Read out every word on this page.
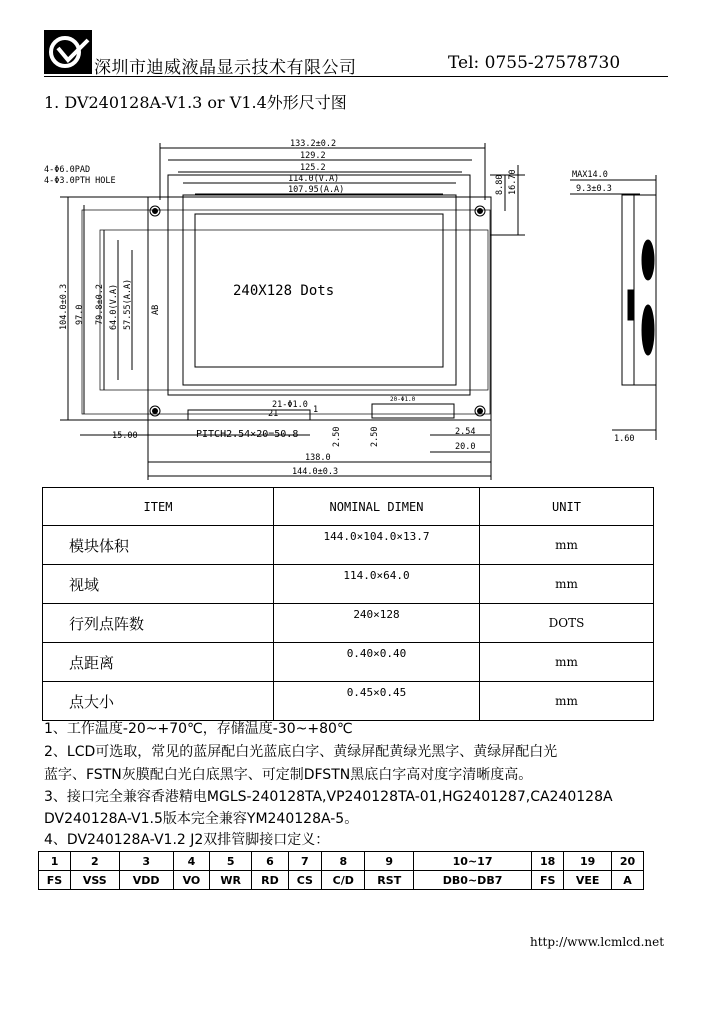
深圳市迪威液晶显示技术有限公司	Tel: 0755-27578730
1. DV240128A-V1.3 or V1.4外形尺寸图
133.2±0.2
129.2
125.2
114.0(V.A)
107.95(A.A)
4-Φ6.0PAD
4-Φ3.0PTH HOLE	8.80 16.70
104.0±0.3 97.0 79.8±0.2 64.0(V.A) 57.55(A.A) AB
21-Φ1.0
21	1
PITCH2.54×20=50.8
20-Φ1.0
15.00	2.50	2.50	2.54
20.0
138.0
144.0±0.3
MAX14.0
9.3±0.3
1.60
240X128 Dots
ITEM	NOMINAL DIMEN	UNIT
模块体积	144.0×104.0×13.7	mm
视域	114.0×64.0	mm
行列点阵数	240×128	DOTS
点距离	0.40×0.40	mm
点大小	0.45×0.45	mm
1、工作温度-20~+70℃，存储温度-30~+80℃
2、LCD可选取，常见的蓝屏配白光蓝底白字、黄绿屏配黄绿光黑字、黄绿屏配白光
蓝字、FSTN灰膜配白光白底黑字、可定制DFSTN黑底白字高对度字清晰度高。
3、接口完全兼容香港精电MGLS-240128TA,VP240128TA-01,HG2401287,CA240128A
DV240128A-V1.5版本完全兼容YM240128A-5。
4、DV240128A-V1.2 J2双排管脚接口定义：
1	2	3	4	5	6	7	8	9	10~17	18	19	20
FS	VSS	VDD	VO	WR	RD	CS	C/D	RST	DB0~DB7	FS	VEE	A
http://www.lcmlcd.net
